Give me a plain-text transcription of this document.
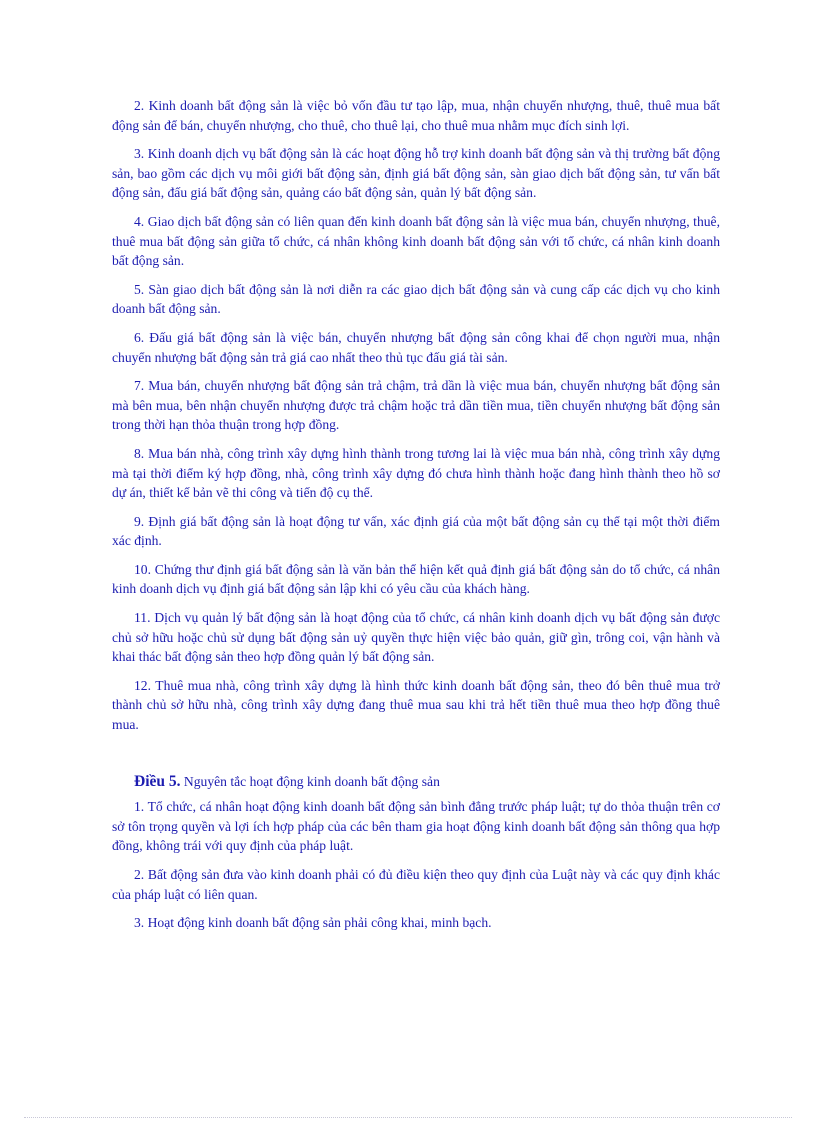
2. Kinh doanh bất động sản là việc bỏ vốn đầu tư tạo lập, mua, nhận chuyển nhượng, thuê, thuê mua bất động sản để bán, chuyển nhượng, cho thuê, cho thuê lại, cho thuê mua nhằm mục đích sinh lợi.

3. Kinh doanh dịch vụ bất động sản là các hoạt động hỗ trợ kinh doanh bất động sản và thị trường bất động sản, bao gồm các dịch vụ môi giới bất động sản, định giá bất động sản, sàn giao dịch bất động sản, tư vấn bất động sản, đấu giá bất động sản, quảng cáo bất động sản, quản lý bất động sản.

4. Giao dịch bất động sản có liên quan đến kinh doanh bất động sản là việc mua bán, chuyển nhượng, thuê, thuê mua bất động sản giữa tổ chức, cá nhân không kinh doanh bất động sản với tổ chức, cá nhân kinh doanh bất động sản.

5. Sàn giao dịch bất động sản là nơi diễn ra các giao dịch bất động sản và cung cấp các dịch vụ cho kinh doanh bất động sản.

6. Đấu giá bất động sản là việc bán, chuyển nhượng bất động sản công khai để chọn người mua, nhận chuyển nhượng bất động sản trả giá cao nhất theo thủ tục đấu giá tài sản.

7. Mua bán, chuyển nhượng bất động sản trả chậm, trả dần là việc mua bán, chuyển nhượng bất động sản mà bên mua, bên nhận chuyển nhượng được trả chậm hoặc trả dần tiền mua, tiền chuyển nhượng bất động sản trong thời hạn thỏa thuận trong hợp đồng.

8. Mua bán nhà, công trình xây dựng hình thành trong tương lai là việc mua bán nhà, công trình xây dựng mà tại thời điểm ký hợp đồng, nhà, công trình xây dựng đó chưa hình thành hoặc đang hình thành theo hồ sơ dự án, thiết kế bản vẽ thi công và tiến độ cụ thể.

9. Định giá bất động sản là hoạt động tư vấn, xác định giá của một bất động sản cụ thể tại một thời điểm xác định.

10. Chứng thư định giá bất động sản là văn bản thể hiện kết quả định giá bất động sản do tổ chức, cá nhân kinh doanh dịch vụ định giá bất động sản lập khi có yêu cầu của khách hàng.

11. Dịch vụ quản lý bất động sản là hoạt động của tổ chức, cá nhân kinh doanh dịch vụ bất động sản được chủ sở hữu hoặc chủ sử dụng bất động sản uỷ quyền thực hiện việc bảo quản, giữ gìn, trông coi, vận hành và khai thác bất động sản theo hợp đồng quản lý bất động sản.

12. Thuê mua nhà, công trình xây dựng là hình thức kinh doanh bất động sản, theo đó bên thuê mua trở thành chủ sở hữu nhà, công trình xây dựng đang thuê mua sau khi trả hết tiền thuê mua theo hợp đồng thuê mua.

Điều 5. Nguyên tắc hoạt động kinh doanh bất động sản

1. Tổ chức, cá nhân hoạt động kinh doanh bất động sản bình đẳng trước pháp luật; tự do thỏa thuận trên cơ sở tôn trọng quyền và lợi ích hợp pháp của các bên tham gia hoạt động kinh doanh bất động sản thông qua hợp đồng, không trái với quy định của pháp luật.

2. Bất động sản đưa vào kinh doanh phải có đủ điều kiện theo quy định của Luật này và các quy định khác của pháp luật có liên quan.

3. Hoạt động kinh doanh bất động sản phải công khai, minh bạch.
